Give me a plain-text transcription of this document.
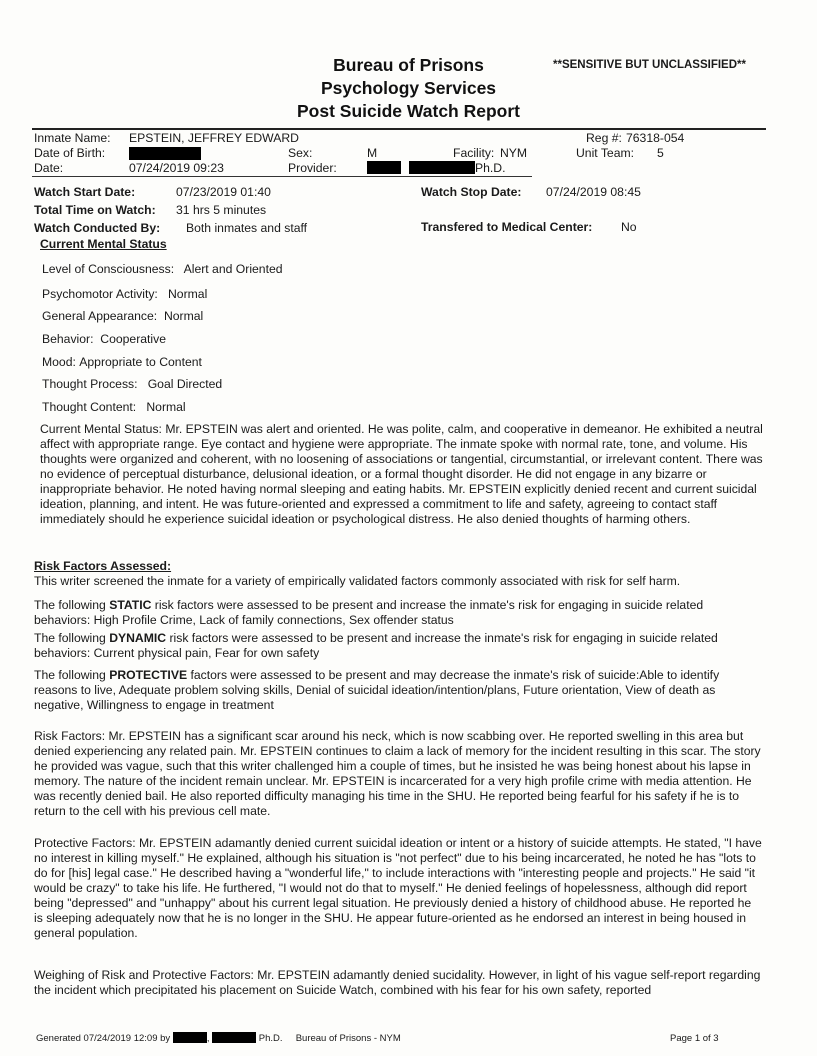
Bureau of Prisons
Psychology Services
Post Suicide Watch Report
**SENSITIVE BUT UNCLASSIFIED**
Inmate Name: EPSTEIN, JEFFREY EDWARD	Reg #: 76318-054
Date of Birth:	Sex:	M	Facility: NYM	Unit Team: 5
Date:	07/24/2019 09:23	Provider:	Ph.D.
Watch Start Date:	07/23/2019 01:40	Watch Stop Date: 07/24/2019 08:45
Total Time on Watch: 31 hrs 5 minutes
Watch Conducted By: Both inmates and staff	Transfered to Medical Center: No
Current Mental Status
Level of Consciousness: Alert and Oriented
Psychomotor Activity: Normal
General Appearance: Normal
Behavior: Cooperative
Mood: Appropriate to Content
Thought Process: Goal Directed
Thought Content: Normal
Current Mental Status: Mr. EPSTEIN was alert and oriented. He was polite, calm, and cooperative in demeanor. He exhibited a neutral affect with appropriate range. Eye contact and hygiene were appropriate. The inmate spoke with normal rate, tone, and volume. His thoughts were organized and coherent, with no loosening of associations or tangential, circumstantial, or irrelevant content. There was no evidence of perceptual disturbance, delusional ideation, or a formal thought disorder. He did not engage in any bizarre or inappropriate behavior. He noted having normal sleeping and eating habits. Mr. EPSTEIN explicitly denied recent and current suicidal ideation, planning, and intent. He was future-oriented and expressed a commitment to life and safety, agreeing to contact staff immediately should he experience suicidal ideation or psychological distress. He also denied thoughts of harming others.
Risk Factors Assessed:
This writer screened the inmate for a variety of empirically validated factors commonly associated with risk for self harm.
The following STATIC risk factors were assessed to be present and increase the inmate's risk for engaging in suicide related behaviors: High Profile Crime, Lack of family connections, Sex offender status
The following DYNAMIC risk factors were assessed to be present and increase the inmate's risk for engaging in suicide related behaviors: Current physical pain, Fear for own safety
The following PROTECTIVE factors were assessed to be present and may decrease the inmate's risk of suicide:Able to identify reasons to live, Adequate problem solving skills, Denial of suicidal ideation/intention/plans, Future orientation, View of death as negative, Willingness to engage in treatment
Risk Factors: Mr. EPSTEIN has a significant scar around his neck, which is now scabbing over. He reported swelling in this area but denied experiencing any related pain. Mr. EPSTEIN continues to claim a lack of memory for the incident resulting in this scar. The story he provided was vague, such that this writer challenged him a couple of times, but he insisted he was being honest about his lapse in memory. The nature of the incident remain unclear. Mr. EPSTEIN is incarcerated for a very high profile crime with media attention. He was recently denied bail. He also reported difficulty managing his time in the SHU. He reported being fearful for his safety if he is to return to the cell with his previous cell mate.
Protective Factors: Mr. EPSTEIN adamantly denied current suicidal ideation or intent or a history of suicide attempts. He stated, "I have no interest in killing myself." He explained, although his situation is "not perfect" due to his being incarcerated, he noted he has "lots to do for [his] legal case." He described having a "wonderful life," to include interactions with "interesting people and projects." He said "it would be crazy" to take his life. He furthered, "I would not do that to myself." He denied feelings of hopelessness, although did report being "depressed" and "unhappy" about his current legal situation. He previously denied a history of childhood abuse. He reported he is sleeping adequately now that he is no longer in the SHU. He appear future-oriented as he endorsed an interest in being housed in general population.
Weighing of Risk and Protective Factors: Mr. EPSTEIN adamantly denied sucidality. However, in light of his vague self-report regarding the incident which precipitated his placement on Suicide Watch, combined with his fear for his own safety, reported
Generated 07/24/2019 12:09 by	,	Ph.D. Bureau of Prisons - NYM	Page 1 of 3
